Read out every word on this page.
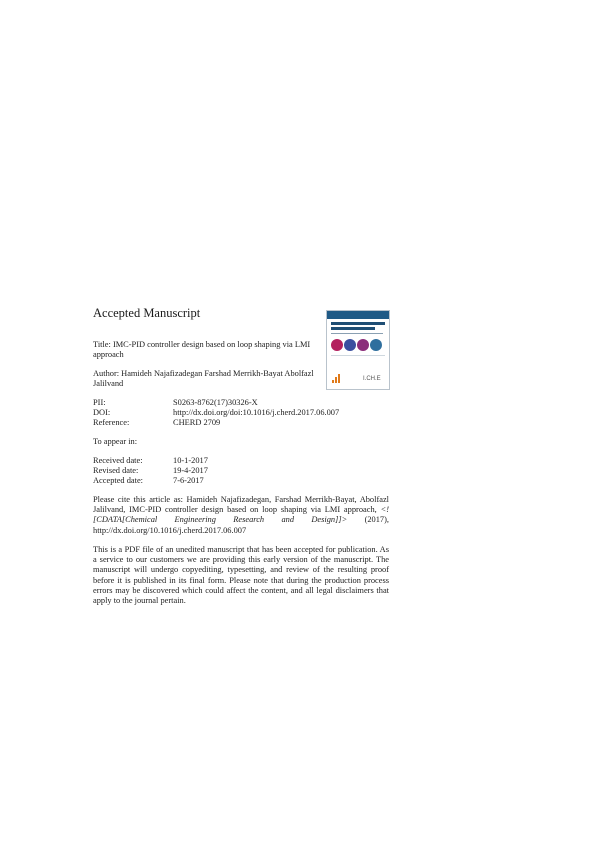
Accepted Manuscript
Title: IMC-PID controller design based on loop shaping via LMI approach
Author: Hamideh Najafizadegan Farshad Merrikh-Bayat Abolfazl Jalilvand
PII:	S0263-8762(17)30326-X
DOI:	http://dx.doi.org/doi:10.1016/j.cherd.2017.06.007
Reference:	CHERD 2709
To appear in:
Received date:	10-1-2017
Revised date:	19-4-2017
Accepted date:	7-6-2017
Please cite this article as: Hamideh Najafizadegan, Farshad Merrikh-Bayat, Abolfazl Jalilvand, IMC-PID controller design based on loop shaping via LMI approach, <![CDATA[Chemical Engineering Research and Design]]> (2017), http://dx.doi.org/10.1016/j.cherd.2017.06.007
This is a PDF file of an unedited manuscript that has been accepted for publication. As a service to our customers we are providing this early version of the manuscript. The manuscript will undergo copyediting, typesetting, and review of the resulting proof before it is published in its final form. Please note that during the production process errors may be discovered which could affect the content, and all legal disclaimers that apply to the journal pertain.
I.CH.E
